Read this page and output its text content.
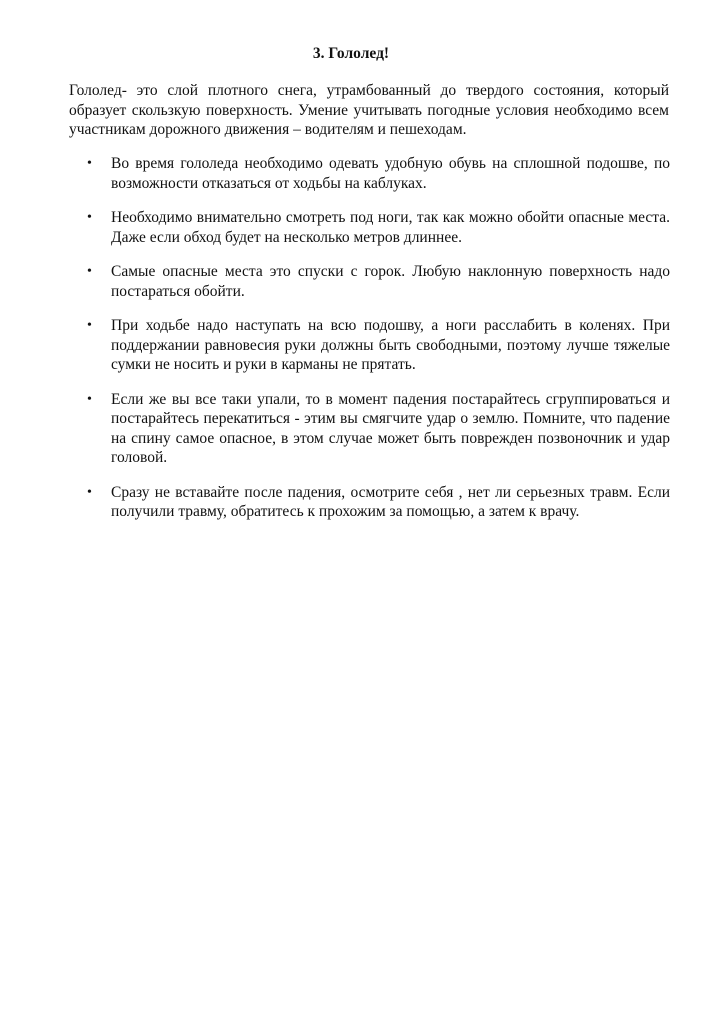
3. Гололед!

Гололед- это слой плотного снега, утрамбованный до твердого состояния, который образует скользкую поверхность. Умение учитывать погодные условия необходимо всем участникам дорожного движения – водителям и пешеходам.

•	Во время гололеда необходимо одевать удобную обувь на сплошной подошве, по возможности отказаться от ходьбы на каблуках.
•	Необходимо внимательно смотреть под ноги, так как можно обойти опасные места. Даже если обход будет на несколько метров длиннее.
•	Самые опасные места это спуски с горок. Любую наклонную поверхность надо постараться обойти.
•	При ходьбе надо наступать на всю подошву, а ноги расслабить в коленях. При поддержании равновесия руки должны быть свободными, поэтому лучше тяжелые сумки не носить и руки в карманы не прятать.
•	Если же вы все таки упали, то в момент падения постарайтесь сгруппироваться и постарайтесь перекатиться - этим вы смягчите удар о землю. Помните, что падение на спину самое опасное, в этом случае может быть поврежден позвоночник и удар головой.
•	Сразу не вставайте после падения, осмотрите себя , нет ли серьезных травм. Если получили травму, обратитесь к прохожим за помощью, а затем к врачу.
